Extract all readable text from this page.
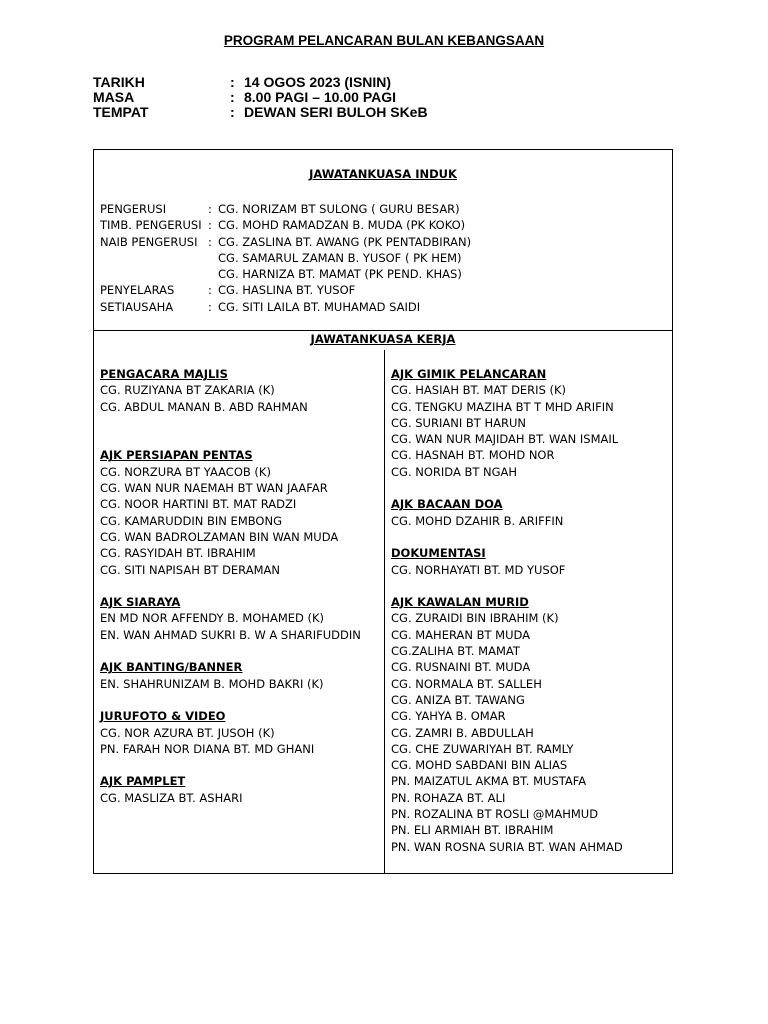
PROGRAM PELANCARAN BULAN KEBANGSAAN
TARIKH	: 14 OGOS 2023 (ISNIN)
MASA	: 8.00 PAGI – 10.00 PAGI
TEMPAT	: DEWAN SERI BULOH SKeB
JAWATANKUASA INDUK
PENGERUSI	: CG. NORIZAM BT SULONG ( GURU BESAR)
TIMB. PENGERUSI : CG. MOHD RAMADZAN B. MUDA (PK KOKO)
NAIB PENGERUSI : CG. ZASLINA BT. AWANG (PK PENTADBIRAN)
CG. SAMARUL ZAMAN B. YUSOF ( PK HEM)
CG. HARNIZA BT. MAMAT (PK PEND. KHAS)
PENYELARAS	: CG. HASLINA BT. YUSOF
SETIAUSAHA	: CG. SITI LAILA BT. MUHAMAD SAIDI
JAWATANKUASA KERJA
PENGACARA MAJLIS
CG. RUZIYANA BT ZAKARIA (K)
CG. ABDUL MANAN B. ABD RAHMAN
AJK PERSIAPAN PENTAS
CG. NORZURA BT YAACOB (K)
CG. WAN NUR NAEMAH BT WAN JAAFAR
CG. NOOR HARTINI BT. MAT RADZI
CG. KAMARUDDIN BIN EMBONG
CG. WAN BADROLZAMAN BIN WAN MUDA
CG. RASYIDAH BT. IBRAHIM
CG. SITI NAPISAH BT DERAMAN
AJK SIARAYA
EN MD NOR AFFENDY B. MOHAMED (K)
EN. WAN AHMAD SUKRI B. W A SHARIFUDDIN
AJK BANTING/BANNER
EN. SHAHRUNIZAM B. MOHD BAKRI (K)
JURUFOTO & VIDEO
CG. NOR AZURA BT. JUSOH (K)
PN. FARAH NOR DIANA BT. MD GHANI
AJK PAMPLET
CG. MASLIZA BT. ASHARI
AJK GIMIK PELANCARAN
CG. HASIAH BT. MAT DERIS (K)
CG. TENGKU MAZIHA BT T MHD ARIFIN
CG. SURIANI BT HARUN
CG. WAN NUR MAJIDAH BT. WAN ISMAIL
CG. HASNAH BT. MOHD NOR
CG. NORIDA BT NGAH
AJK BACAAN DOA
CG. MOHD DZAHIR B. ARIFFIN
DOKUMENTASI
CG. NORHAYATI BT. MD YUSOF
AJK KAWALAN MURID
CG. ZURAIDI BIN IBRAHIM (K)
CG. MAHERAN BT MUDA
CG.ZALIHA BT. MAMAT
CG. RUSNAINI BT. MUDA
CG. NORMALA BT. SALLEH
CG. ANIZA BT. TAWANG
CG. YAHYA B. OMAR
CG. ZAMRI B. ABDULLAH
CG. CHE ZUWARIYAH BT. RAMLY
CG. MOHD SABDANI BIN ALIAS
PN. MAIZATUL AKMA BT. MUSTAFA
PN. ROHAZA BT. ALI
PN. ROZALINA BT ROSLI @MAHMUD
PN. ELI ARMIAH BT. IBRAHIM
PN. WAN ROSNA SURIA BT. WAN AHMAD
